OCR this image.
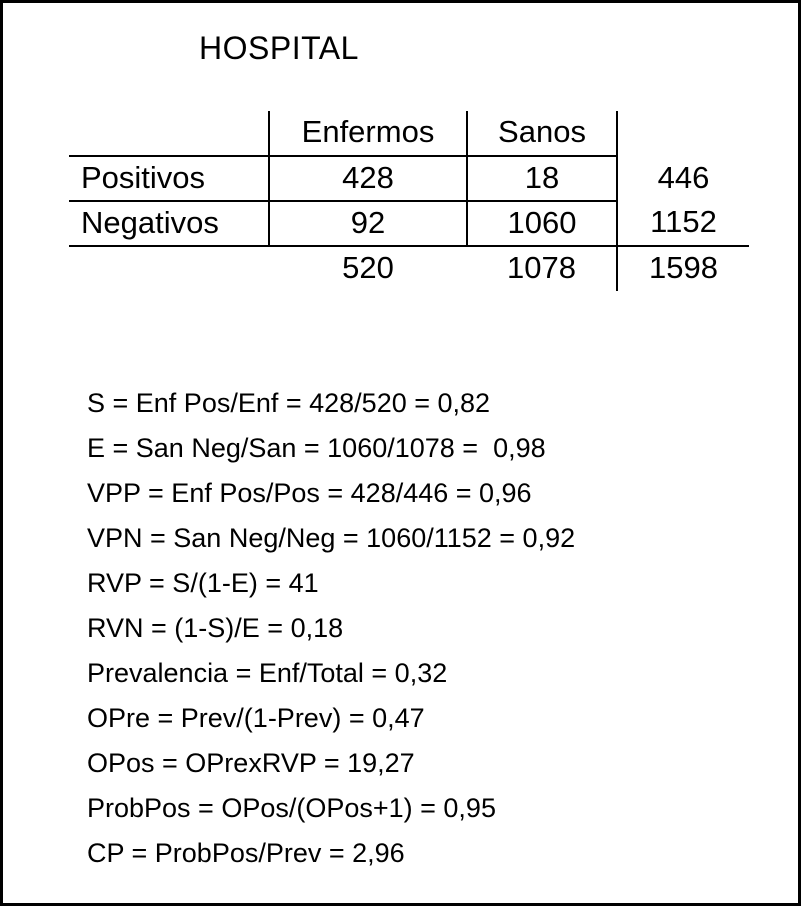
HOSPITAL
	Enfermos	Sanos	
Positivos	428	18	446
Negativos	92	1060	1152
	520	1078	1598
S = Enf Pos/Enf = 428/520 = 0,82
E = San Neg/San = 1060/1078 =  0,98
VPP = Enf Pos/Pos = 428/446 = 0,96
VPN = San Neg/Neg = 1060/1152 = 0,92
RVP = S/(1-E) = 41
RVN = (1-S)/E = 0,18
Prevalencia = Enf/Total = 0,32
OPre = Prev/(1-Prev) = 0,47
OPos = OPrexRVP = 19,27
ProbPos = OPos/(OPos+1) = 0,95
CP = ProbPos/Prev = 2,96
